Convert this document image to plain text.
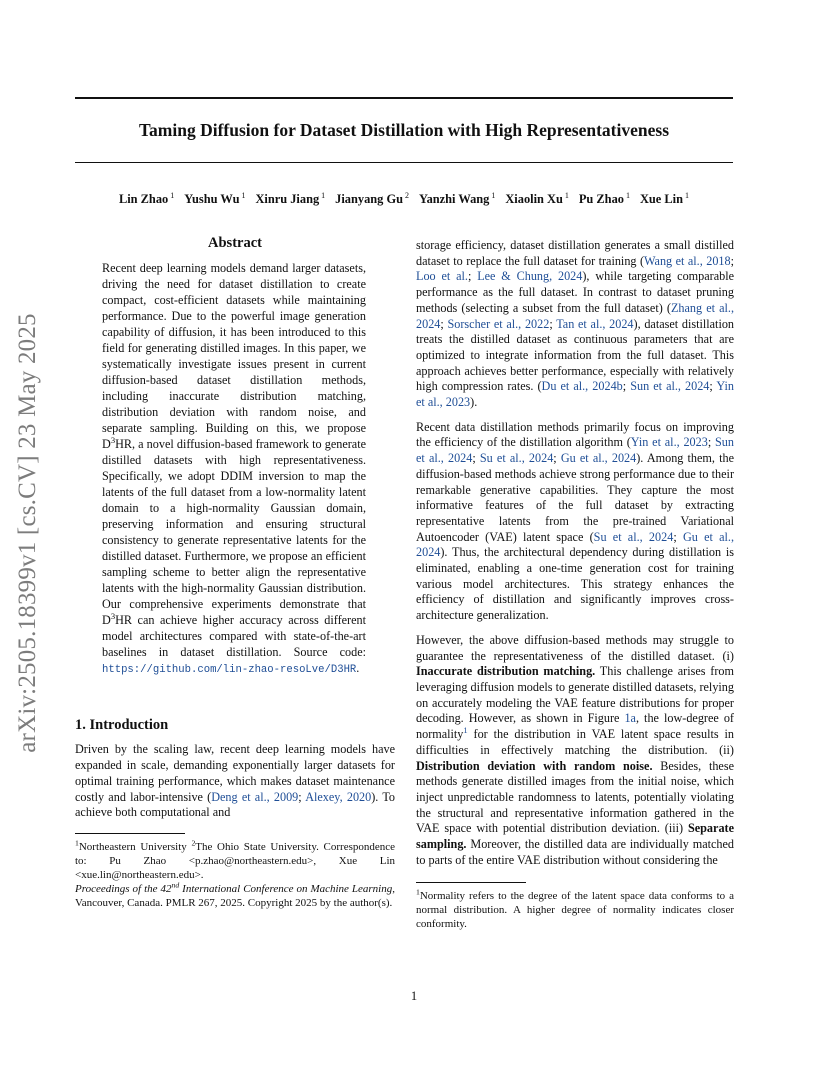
arXiv:2505.18399v1 [cs.CV] 23 May 2025
Taming Diffusion for Dataset Distillation with High Representativeness
Lin Zhao $^1$ Yushu Wu $^1$ Xinru Jiang $^1$ Jianyang Gu $^2$ Yanzhi Wang $^1$ Xiaolin Xu $^1$ Pu Zhao $^1$ Xue Lin $^1$
Abstract

Recent deep learning models demand larger datasets, driving the need for dataset distillation to create compact, cost-efficient datasets while maintaining performance. Due to the powerful image generation capability of diffusion, it has been introduced to this field for generating distilled images. In this paper, we systematically investigate issues present in current diffusion-based dataset distillation methods, including inaccurate distribution matching, distribution deviation with random noise, and separate sampling. Building on this, we propose $D^3HR$, a novel diffusion-based framework to generate distilled datasets with high representativeness. Specifically, we adopt DDIM inversion to map the latents of the full dataset from a low-normality latent domain to a high-normality Gaussian domain, preserving information and ensuring structural consistency to generate representative latents for the distilled dataset. Furthermore, we propose an efficient sampling scheme to better align the representative latents with the high-normality Gaussian distribution. Our comprehensive experiments demonstrate that $D^3HR$ can achieve higher accuracy across different model architectures compared with state-of-the-art baselines in dataset distillation. Source code: https://github.com/lin-zhao-resoLve/D3HR.

1. Introduction

Driven by the scaling law, recent deep learning models have expanded in scale, demanding exponentially larger datasets for optimal training performance, which makes dataset maintenance costly and labor-intensive (Deng et al., 2009; Alexey, 2020). To achieve both computational and

$^1$Northeastern University $^2$The Ohio State University. Correspondence to: Pu Zhao <p.zhao@northeastern.edu>, Xue Lin <xue.lin@northeastern.edu>.

Proceedings of the 42nd International Conference on Machine Learning, Vancouver, Canada. PMLR 267, 2025. Copyright 2025 by the author(s).

storage efficiency, dataset distillation generates a small distilled dataset to replace the full dataset for training (Wang et al., 2018; Loo et al.; Lee & Chung, 2024), while targeting comparable performance as the full dataset. In contrast to dataset pruning methods (selecting a subset from the full dataset) (Zhang et al., 2024; Sorscher et al., 2022; Tan et al., 2024), dataset distillation treats the distilled dataset as continuous parameters that are optimized to integrate information from the full dataset. This approach achieves better performance, especially with relatively high compression rates. (Du et al., 2024b; Sun et al., 2024; Yin et al., 2023).

Recent data distillation methods primarily focus on improving the efficiency of the distillation algorithm (Yin et al., 2023; Sun et al., 2024; Su et al., 2024; Gu et al., 2024). Among them, the diffusion-based methods achieve strong performance due to their remarkable generative capabilities. They capture the most informative features of the full dataset by extracting representative latents from the pre-trained Variational Autoencoder (VAE) latent space (Su et al., 2024; Gu et al., 2024). Thus, the architectural dependency during distillation is eliminated, enabling a one-time generation cost for training various model architectures. This strategy enhances the efficiency of distillation and significantly improves cross-architecture generalization.

However, the above diffusion-based methods may struggle to guarantee the representativeness of the distilled dataset. (i) Inaccurate distribution matching. This challenge arises from leveraging diffusion models to generate distilled datasets, relying on accurately modeling the VAE feature distributions for proper decoding. However, as shown in Figure 1a, the low-degree of normality$^1$ for the distribution in VAE latent space results in difficulties in effectively matching the distribution. (ii) Distribution deviation with random noise. Besides, these methods generate distilled images from the initial noise, which inject unpredictable randomness to latents, potentially violating the structural and representative information gathered in the VAE space with potential distribution deviation. (iii) Separate sampling. Moreover, the distilled data are individually matched to parts of the entire VAE distribution without considering the

$^1$Normality refers to the degree of the latent space data conforms to a normal distribution. A higher degree of normality indicates closer conformity.

1
